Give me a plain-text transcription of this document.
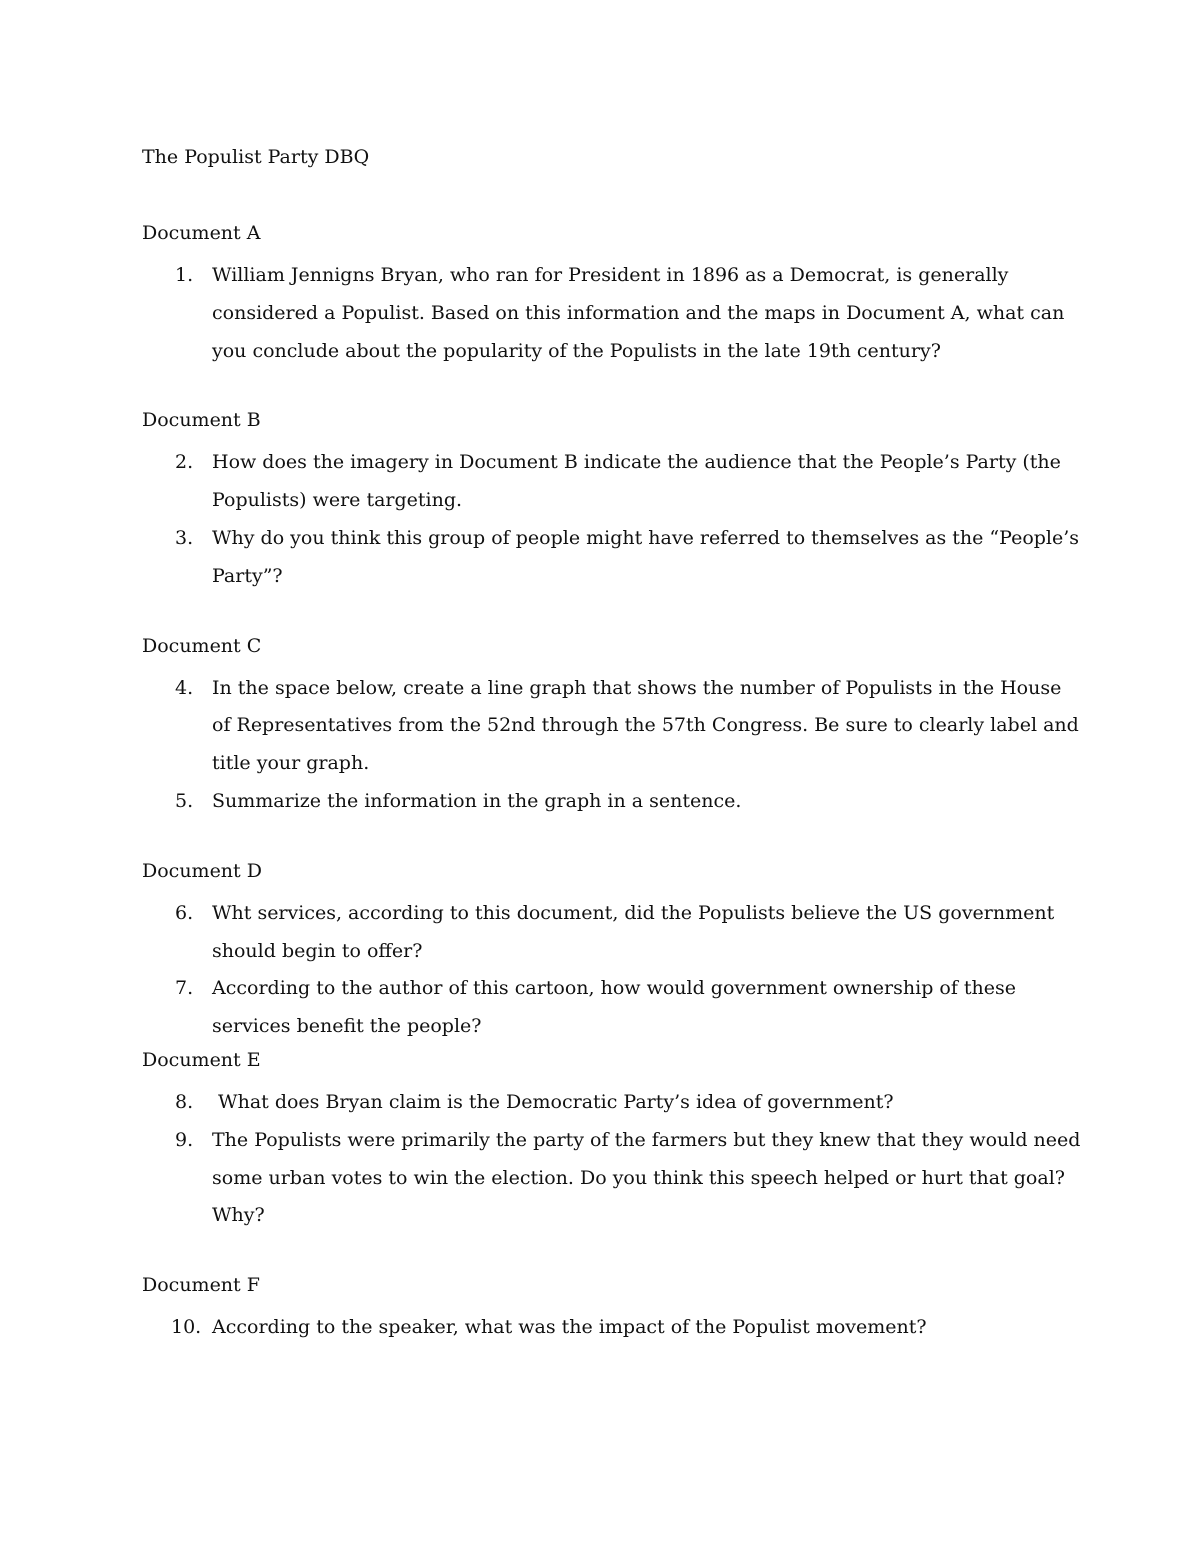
The Populist Party DBQ
Document A
1. William Jennigns Bryan, who ran for President in 1896 as a Democrat, is generally considered a Populist. Based on this information and the maps in Document A, what can you conclude about the popularity of the Populists in the late 19th century?
Document B
2. How does the imagery in Document B indicate the audience that the People’s Party (the Populists) were targeting.
3. Why do you think this group of people might have referred to themselves as the “People’s Party”?
Document C
4. In the space below, create a line graph that shows the number of Populists in the House of Representatives from the 52nd through the 57th Congress. Be sure to clearly label and title your graph.
5. Summarize the information in the graph in a sentence.
Document D
6. Wht services, according to this document, did the Populists believe the US government should begin to offer?
7. According to the author of this cartoon, how would government ownership of these services benefit the people?
Document E
8. What does Bryan claim is the Democratic Party’s idea of government?
9. The Populists were primarily the party of the farmers but they knew that they would need some urban votes to win the election. Do you think this speech helped or hurt that goal? Why?
Document F
10. According to the speaker, what was the impact of the Populist movement?
